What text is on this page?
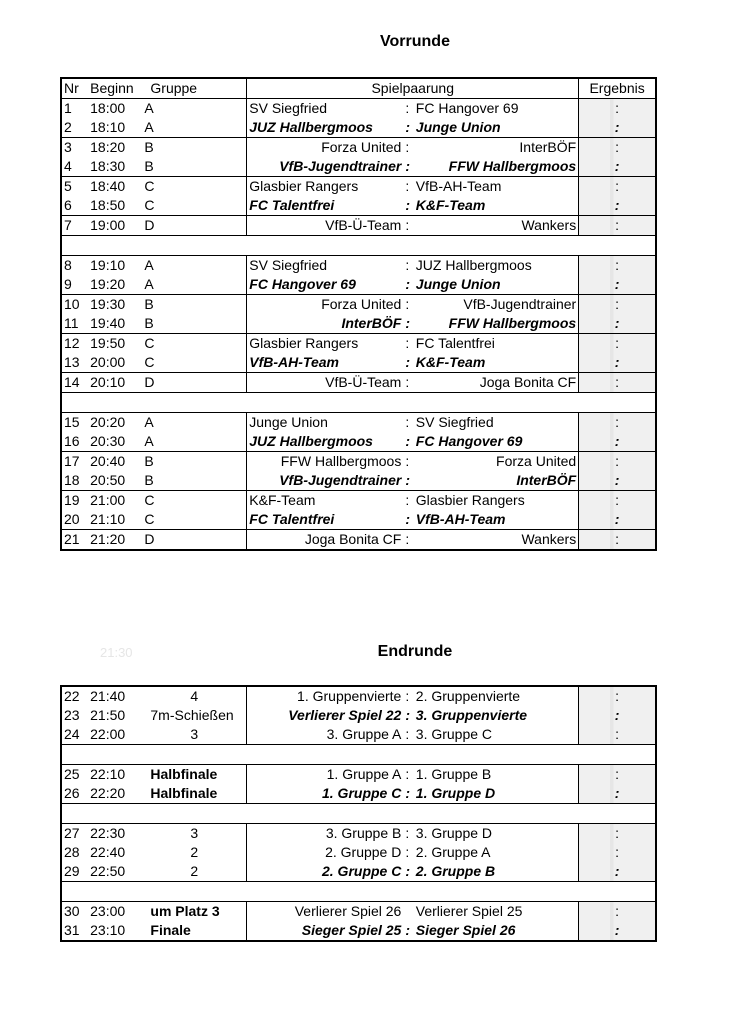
Vorrunde
Nr	Beginn	Gruppe	Spielpaarung			Ergebnis
1	18:00	A	SV Siegfried	:	FC Hangover 69	:
2	18:10	A	JUZ Hallbergmoos	:	Junge Union	:
3	18:20	B	Forza United	:	InterBÖF	:
4	18:30	B	VfB-Jugendtrainer	:	FFW Hallbergmoos	:
5	18:40	C	Glasbier Rangers	:	VfB-AH-Team	:
6	18:50	C	FC Talentfrei	:	K&F-Team	:
7	19:00	D	VfB-Ü-Team	:	Wankers	:

8	19:10	A	SV Siegfried	:	JUZ Hallbergmoos	:
9	19:20	A	FC Hangover 69	:	Junge Union	:
10	19:30	B	Forza United	:	VfB-Jugendtrainer	:
11	19:40	B	InterBÖF	:	FFW Hallbergmoos	:
12	19:50	C	Glasbier Rangers	:	FC Talentfrei	:
13	20:00	C	VfB-AH-Team	:	K&F-Team	:
14	20:10	D	VfB-Ü-Team	:	Joga Bonita CF	:

15	20:20	A	Junge Union	:	SV Siegfried	:
16	20:30	A	JUZ Hallbergmoos	:	FC Hangover 69	:
17	20:40	B	FFW Hallbergmoos	:	Forza United	:
18	20:50	B	VfB-Jugendtrainer	:	InterBÖF	:
19	21:00	C	K&F-Team	:	Glasbier Rangers	:
20	21:10	C	FC Talentfrei	:	VfB-AH-Team	:
21	21:20	D	Joga Bonita CF	:	Wankers	:
21:30	Endrunde
22	21:40	4	1. Gruppenvierte	:	2. Gruppenvierte	:
23	21:50	7m-Schießen	Verlierer Spiel 22	:	3. Gruppenvierte	:
24	22:00	3	3. Gruppe A	:	3. Gruppe C	:

25	22:10	Halbfinale	1. Gruppe A	:	1. Gruppe B	:
26	22:20	Halbfinale	1. Gruppe C	:	1. Gruppe D	:

27	22:30	3	3. Gruppe B	:	3. Gruppe D	:
28	22:40	2	2. Gruppe D	:	2. Gruppe A	:
29	22:50	2	2. Gruppe C	:	2. Gruppe B	:

30	23:00	um Platz 3	Verlierer Spiel 26		Verlierer Spiel 25	:
31	23:10	Finale	Sieger Spiel 25	:	Sieger Spiel 26	:
